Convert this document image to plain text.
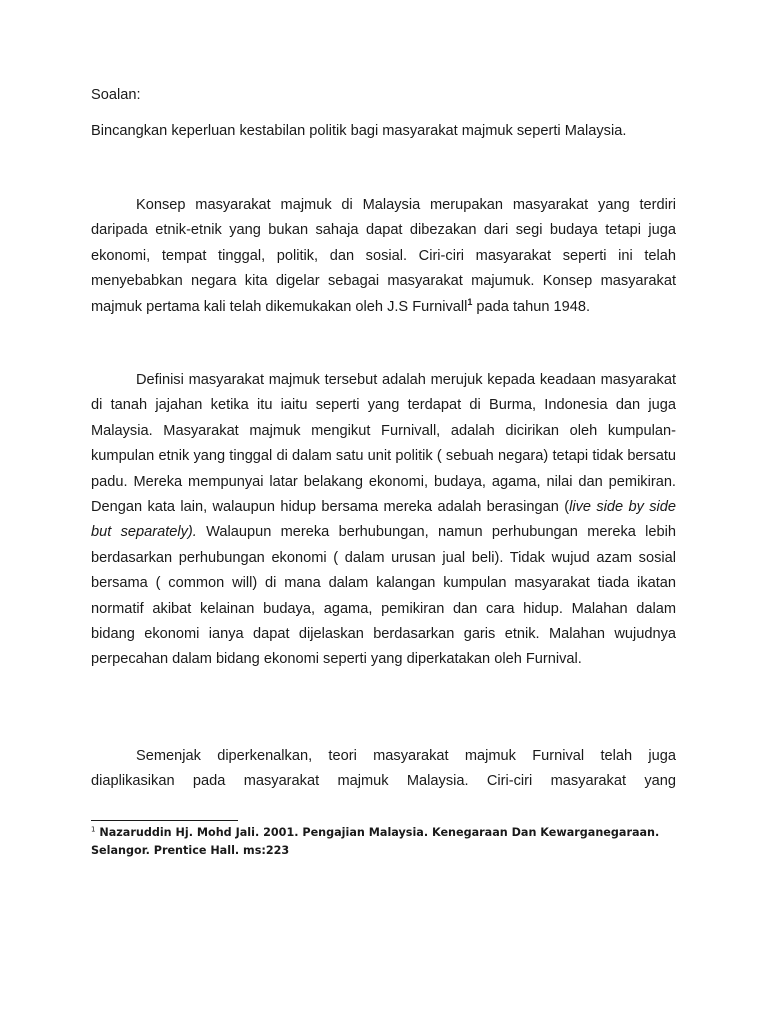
Soalan:

Bincangkan keperluan kestabilan politik bagi masyarakat majmuk seperti Malaysia.

Konsep masyarakat majmuk di Malaysia merupakan masyarakat yang terdiri daripada etnik-etnik yang bukan sahaja dapat dibezakan dari segi budaya tetapi juga ekonomi, tempat tinggal, politik, dan sosial. Ciri-ciri masyarakat seperti ini telah menyebabkan negara kita digelar sebagai masyarakat majumuk. Konsep masyarakat majmuk pertama kali telah dikemukakan oleh J.S Furnivall$^1$ pada tahun 1948.

Definisi masyarakat majmuk tersebut adalah merujuk kepada keadaan masyarakat di tanah jajahan ketika itu iaitu seperti yang terdapat di Burma, Indonesia dan juga Malaysia. Masyarakat majmuk mengikut Furnivall, adalah dicirikan oleh kumpulan-kumpulan etnik yang tinggal di dalam satu unit politik ( sebuah negara) tetapi tidak bersatu padu. Mereka mempunyai latar belakang ekonomi, budaya, agama, nilai dan pemikiran. Dengan kata lain, walaupun hidup bersama mereka adalah berasingan (live side by side but separately). Walaupun mereka berhubungan, namun perhubungan mereka lebih berdasarkan perhubungan ekonomi ( dalam urusan jual beli). Tidak wujud azam sosial bersama ( common will) di mana dalam kalangan kumpulan masyarakat tiada ikatan normatif akibat kelainan budaya, agama, pemikiran dan cara hidup. Malahan dalam bidang ekonomi ianya dapat dijelaskan berdasarkan garis etnik. Malahan wujudnya perpecahan dalam bidang ekonomi seperti yang diperkatakan oleh Furnival.

Semenjak diperkenalkan, teori masyarakat majmuk Furnival telah juga diaplikasikan pada masyarakat majmuk Malaysia. Ciri-ciri masyarakat yang

$^1$ Nazaruddin Hj. Mohd Jali. 2001. Pengajian Malaysia. Kenegaraan Dan Kewarganegaraan. Selangor. Prentice Hall. ms:223
